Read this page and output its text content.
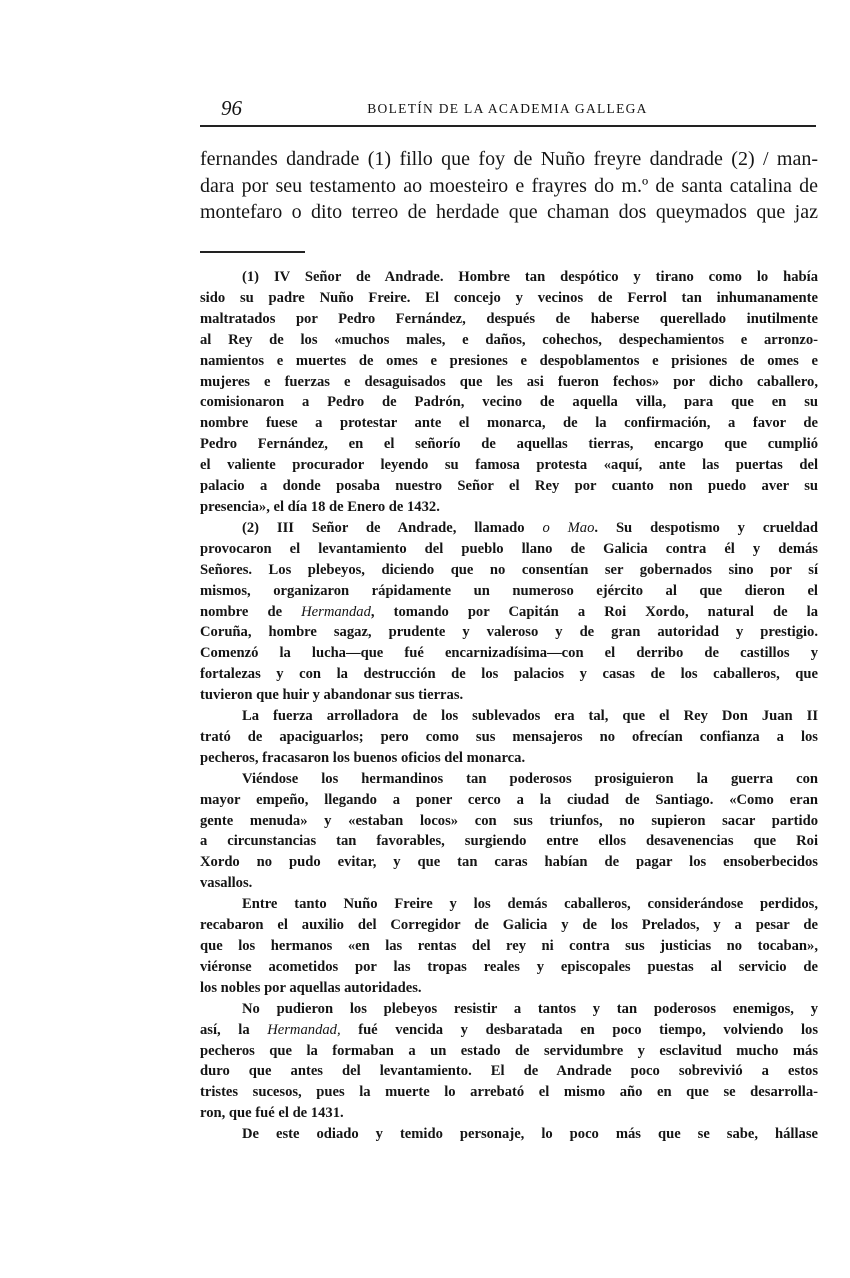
96	BOLETÍN DE LA ACADEMIA GALLEGA
fernandes dandrade (1) fillo que foy de Nuño freyre dandrade (2) / man-
dara por seu testamento ao moesteiro e frayres do m.º de santa catalina de
montefaro o dito terreo de herdade que chaman dos queymados que jaz
(1) IV Señor de Andrade. Hombre tan despótico y tirano como lo había
sido su padre Nuño Freire. El concejo y vecinos de Ferrol tan inhumanamente
maltratados por Pedro Fernández, después de haberse querellado inutilmente
al Rey de los «muchos males, e daños, cohechos, despechamientos e arronzo-
namientos e muertes de omes e presiones e despoblamentos e prisiones de omes e
mujeres e fuerzas e desaguisados que les asi fueron fechos» por dicho caballero,
comisionaron a Pedro de Padrón, vecino de aquella villa, para que en su
nombre fuese a protestar ante el monarca, de la confirmación, a favor de
Pedro Fernández, en el señorío de aquellas tierras, encargo que cumplió
el valiente procurador leyendo su famosa protesta «aquí, ante las puertas del
palacio a donde posaba nuestro Señor el Rey por cuanto non puedo aver su
presencia», el día 18 de Enero de 1432.
(2) III Señor de Andrade, llamado o Mao. Su despotismo y crueldad
provocaron el levantamiento del pueblo llano de Galicia contra él y demás
Señores. Los plebeyos, diciendo que no consentían ser gobernados sino por sí
mismos, organizaron rápidamente un numeroso ejército al que dieron el
nombre de Hermandad, tomando por Capitán a Roi Xordo, natural de la
Coruña, hombre sagaz, prudente y valeroso y de gran autoridad y prestigio.
Comenzó la lucha—que fué encarnizadísima—con el derribo de castillos y
fortalezas y con la destrucción de los palacios y casas de los caballeros, que
tuvieron que huir y abandonar sus tierras.
La fuerza arrolladora de los sublevados era tal, que el Rey Don Juan II
trató de apaciguarlos; pero como sus mensajeros no ofrecían confianza a los
pecheros, fracasaron los buenos oficios del monarca.
Viéndose los hermandinos tan poderosos prosiguieron la guerra con
mayor empeño, llegando a poner cerco a la ciudad de Santiago. «Como eran
gente menuda» y «estaban locos» con sus triunfos, no supieron sacar partido
a circunstancias tan favorables, surgiendo entre ellos desavenencias que Roi
Xordo no pudo evitar, y que tan caras habían de pagar los ensoberbecidos
vasallos.
Entre tanto Nuño Freire y los demás caballeros, considerándose perdidos,
recabaron el auxilio del Corregidor de Galicia y de los Prelados, y a pesar de
que los hermanos «en las rentas del rey ni contra sus justicias no tocaban»,
viéronse acometidos por las tropas reales y episcopales puestas al servicio de
los nobles por aquellas autoridades.
No pudieron los plebeyos resistir a tantos y tan poderosos enemigos, y
así, la Hermandad, fué vencida y desbaratada en poco tiempo, volviendo los
pecheros que la formaban a un estado de servidumbre y esclavitud mucho más
duro que antes del levantamiento. El de Andrade poco sobrevivió a estos
tristes sucesos, pues la muerte lo arrebató el mismo año en que se desarrolla-
ron, que fué el de 1431.
De este odiado y temido personaje, lo poco más que se sabe, hállase
